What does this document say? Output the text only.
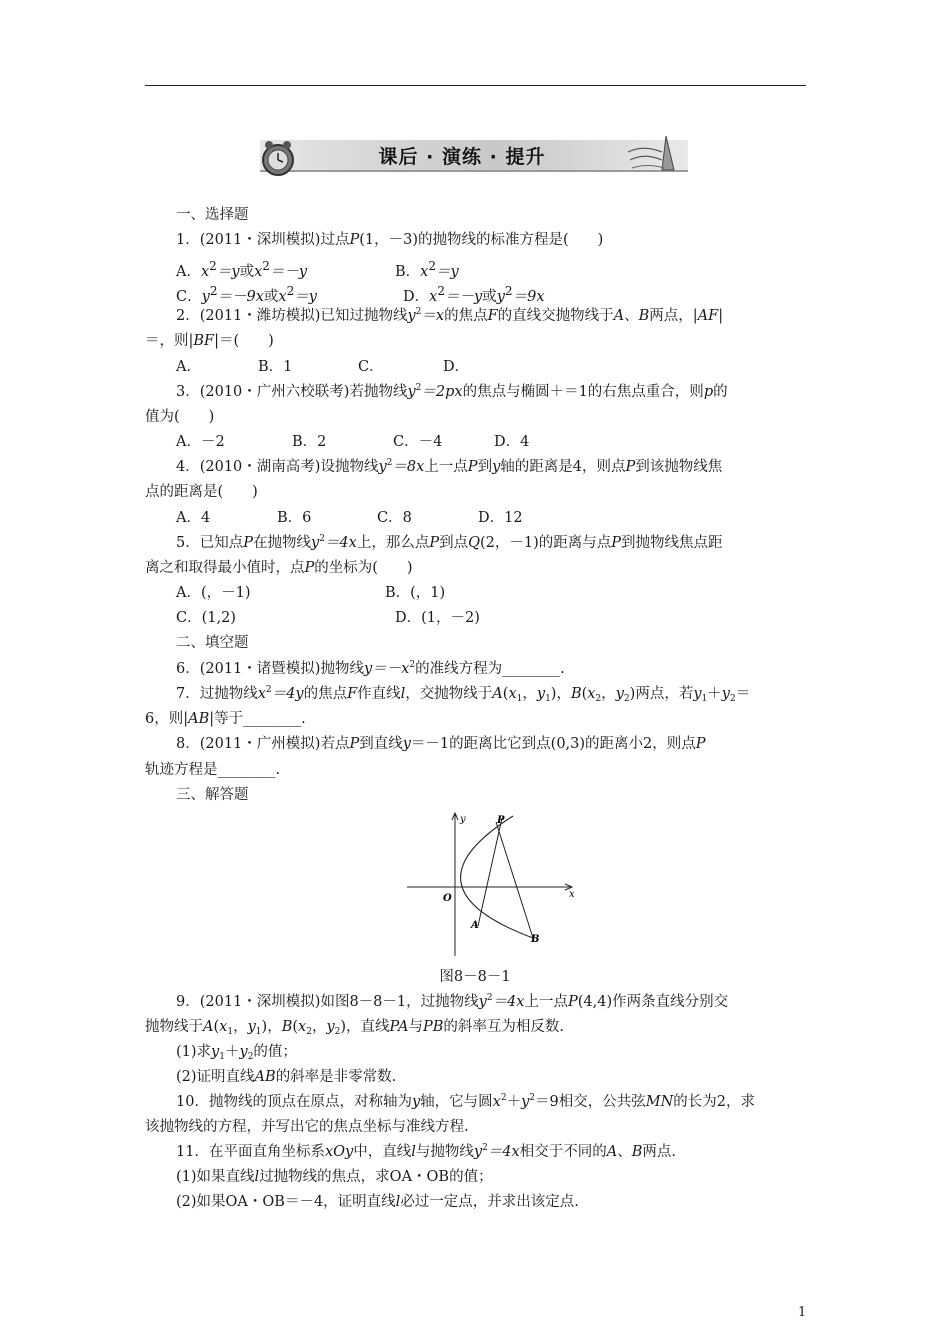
课后 · 演练 · 提升
一、选择题
1．(2011・深圳模拟)过点P(1，－3)的抛物线的标准方程是(　　)
A．$x^2=y$或$x^2=-y$	B．$x^2=y$
C．$y^2=-9x$或$x^2=y$	D．$x^2=-y$或$y^2=9x$
2．(2011・潍坊模拟)已知过抛物线$y^2=x$的焦点F的直线交抛物线于A、B两点，|AF|
＝，则|BF|＝(　　)
A．	B．1	C．	D．
3．(2010・广州六校联考)若抛物线$y^2=2px$的焦点与椭圆＋＝1的右焦点重合，则p的
值为(　　)
A．－2	B．2	C．－4	D．4
4．(2010・湖南高考)设抛物线$y^2=8x$上一点P到y轴的距离是4，则点P到该抛物线焦
点的距离是(　　)
A．4	B．6	C．8	D．12
5．已知点P在抛物线$y^2=4x$上，那么点P到点Q(2，－1)的距离与点P到抛物线焦点距
离之和取得最小值时，点P的坐标为(　　)
A．(，－1)	B．(，1)
C．(1,2)	D．(1，－2)
二、填空题
6．(2011・诸暨模拟)抛物线$y=-x^2$的准线方程为________.
7．过抛物线$x^2=4y$的焦点F作直线l，交抛物线于$A(x_1$，$y_1$)，$B(x_2$，$y_2$)两点，若$y_1+y_2=$
6，则|AB|等于________.
8．(2011・广州模拟)若点P到直线y＝－1的距离比它到点(0,3)的距离小2，则点P
轨迹方程是________.
三、解答题
y
x
O
P
A
B
图8－8－1
9．(2011・深圳模拟)如图8－8－1，过抛物线$y^2=4x$上一点P(4,4)作两条直线分别交
抛物线于$A(x_1$，$y_1$)，$B(x_2$，$y_2$)，直线PA与PB的斜率互为相反数.
(1)求$y_1+y_2$的值；
(2)证明直线AB的斜率是非零常数.
10．抛物线的顶点在原点，对称轴为y轴，它与圆$x^2+y^2=9$相交，公共弦MN的长为2，求
该抛物线的方程，并写出它的焦点坐标与准线方程.
11．在平面直角坐标系xOy中，直线l与抛物线$y^2=4x$相交于不同的A、B两点.
(1)如果直线l过抛物线的焦点，求OA・OB的值；
(2)如果OA・OB＝－4，证明直线l必过一定点，并求出该定点.
1
